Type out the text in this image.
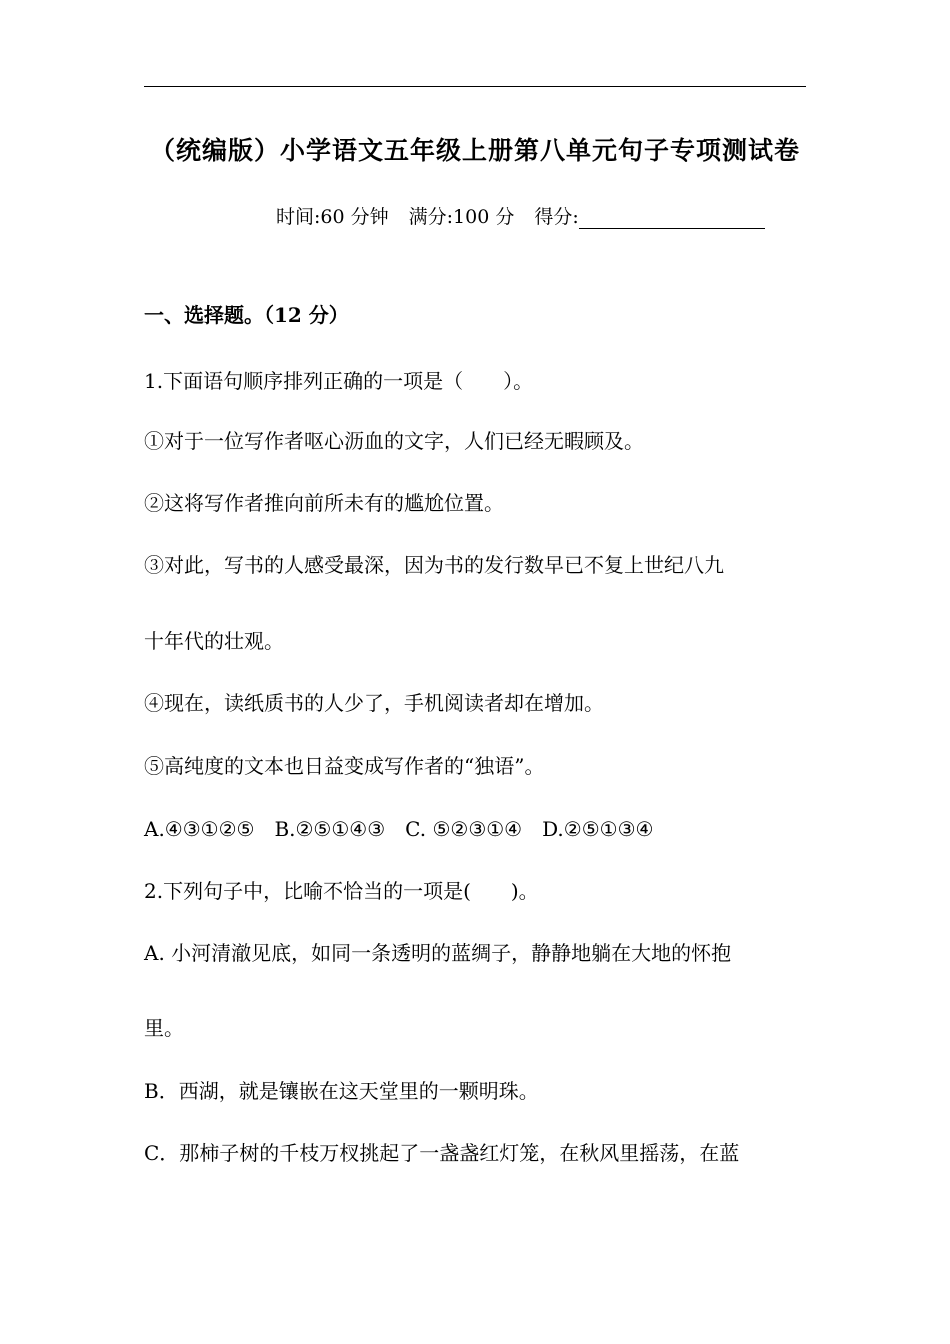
（统编版）小学语文五年级上册第八单元句子专项测试卷
时间:60 分钟 满分:100 分 得分:
一、选择题。（12 分）
1.下面语句顺序排列正确的一项是（　　）。
①对于一位写作者呕心沥血的文字，人们已经无暇顾及。
②这将写作者推向前所未有的尴尬位置。
③对此，写书的人感受最深，因为书的发行数早已不复上世纪八九
十年代的壮观。
④现在，读纸质书的人少了，手机阅读者却在增加。
⑤高纯度的文本也日益变成写作者的“独语”。
A.④③①②⑤　B.②⑤①④③　C. ⑤②③①④　D.②⑤①③④
2.下列句子中，比喻不恰当的一项是(　　)。
A. 小河清澈见底，如同一条透明的蓝绸子，静静地躺在大地的怀抱
里。
B．西湖，就是镶嵌在这天堂里的一颗明珠。
C．那柿子树的千枝万杈挑起了一盏盏红灯笼，在秋风里摇荡，在蓝
